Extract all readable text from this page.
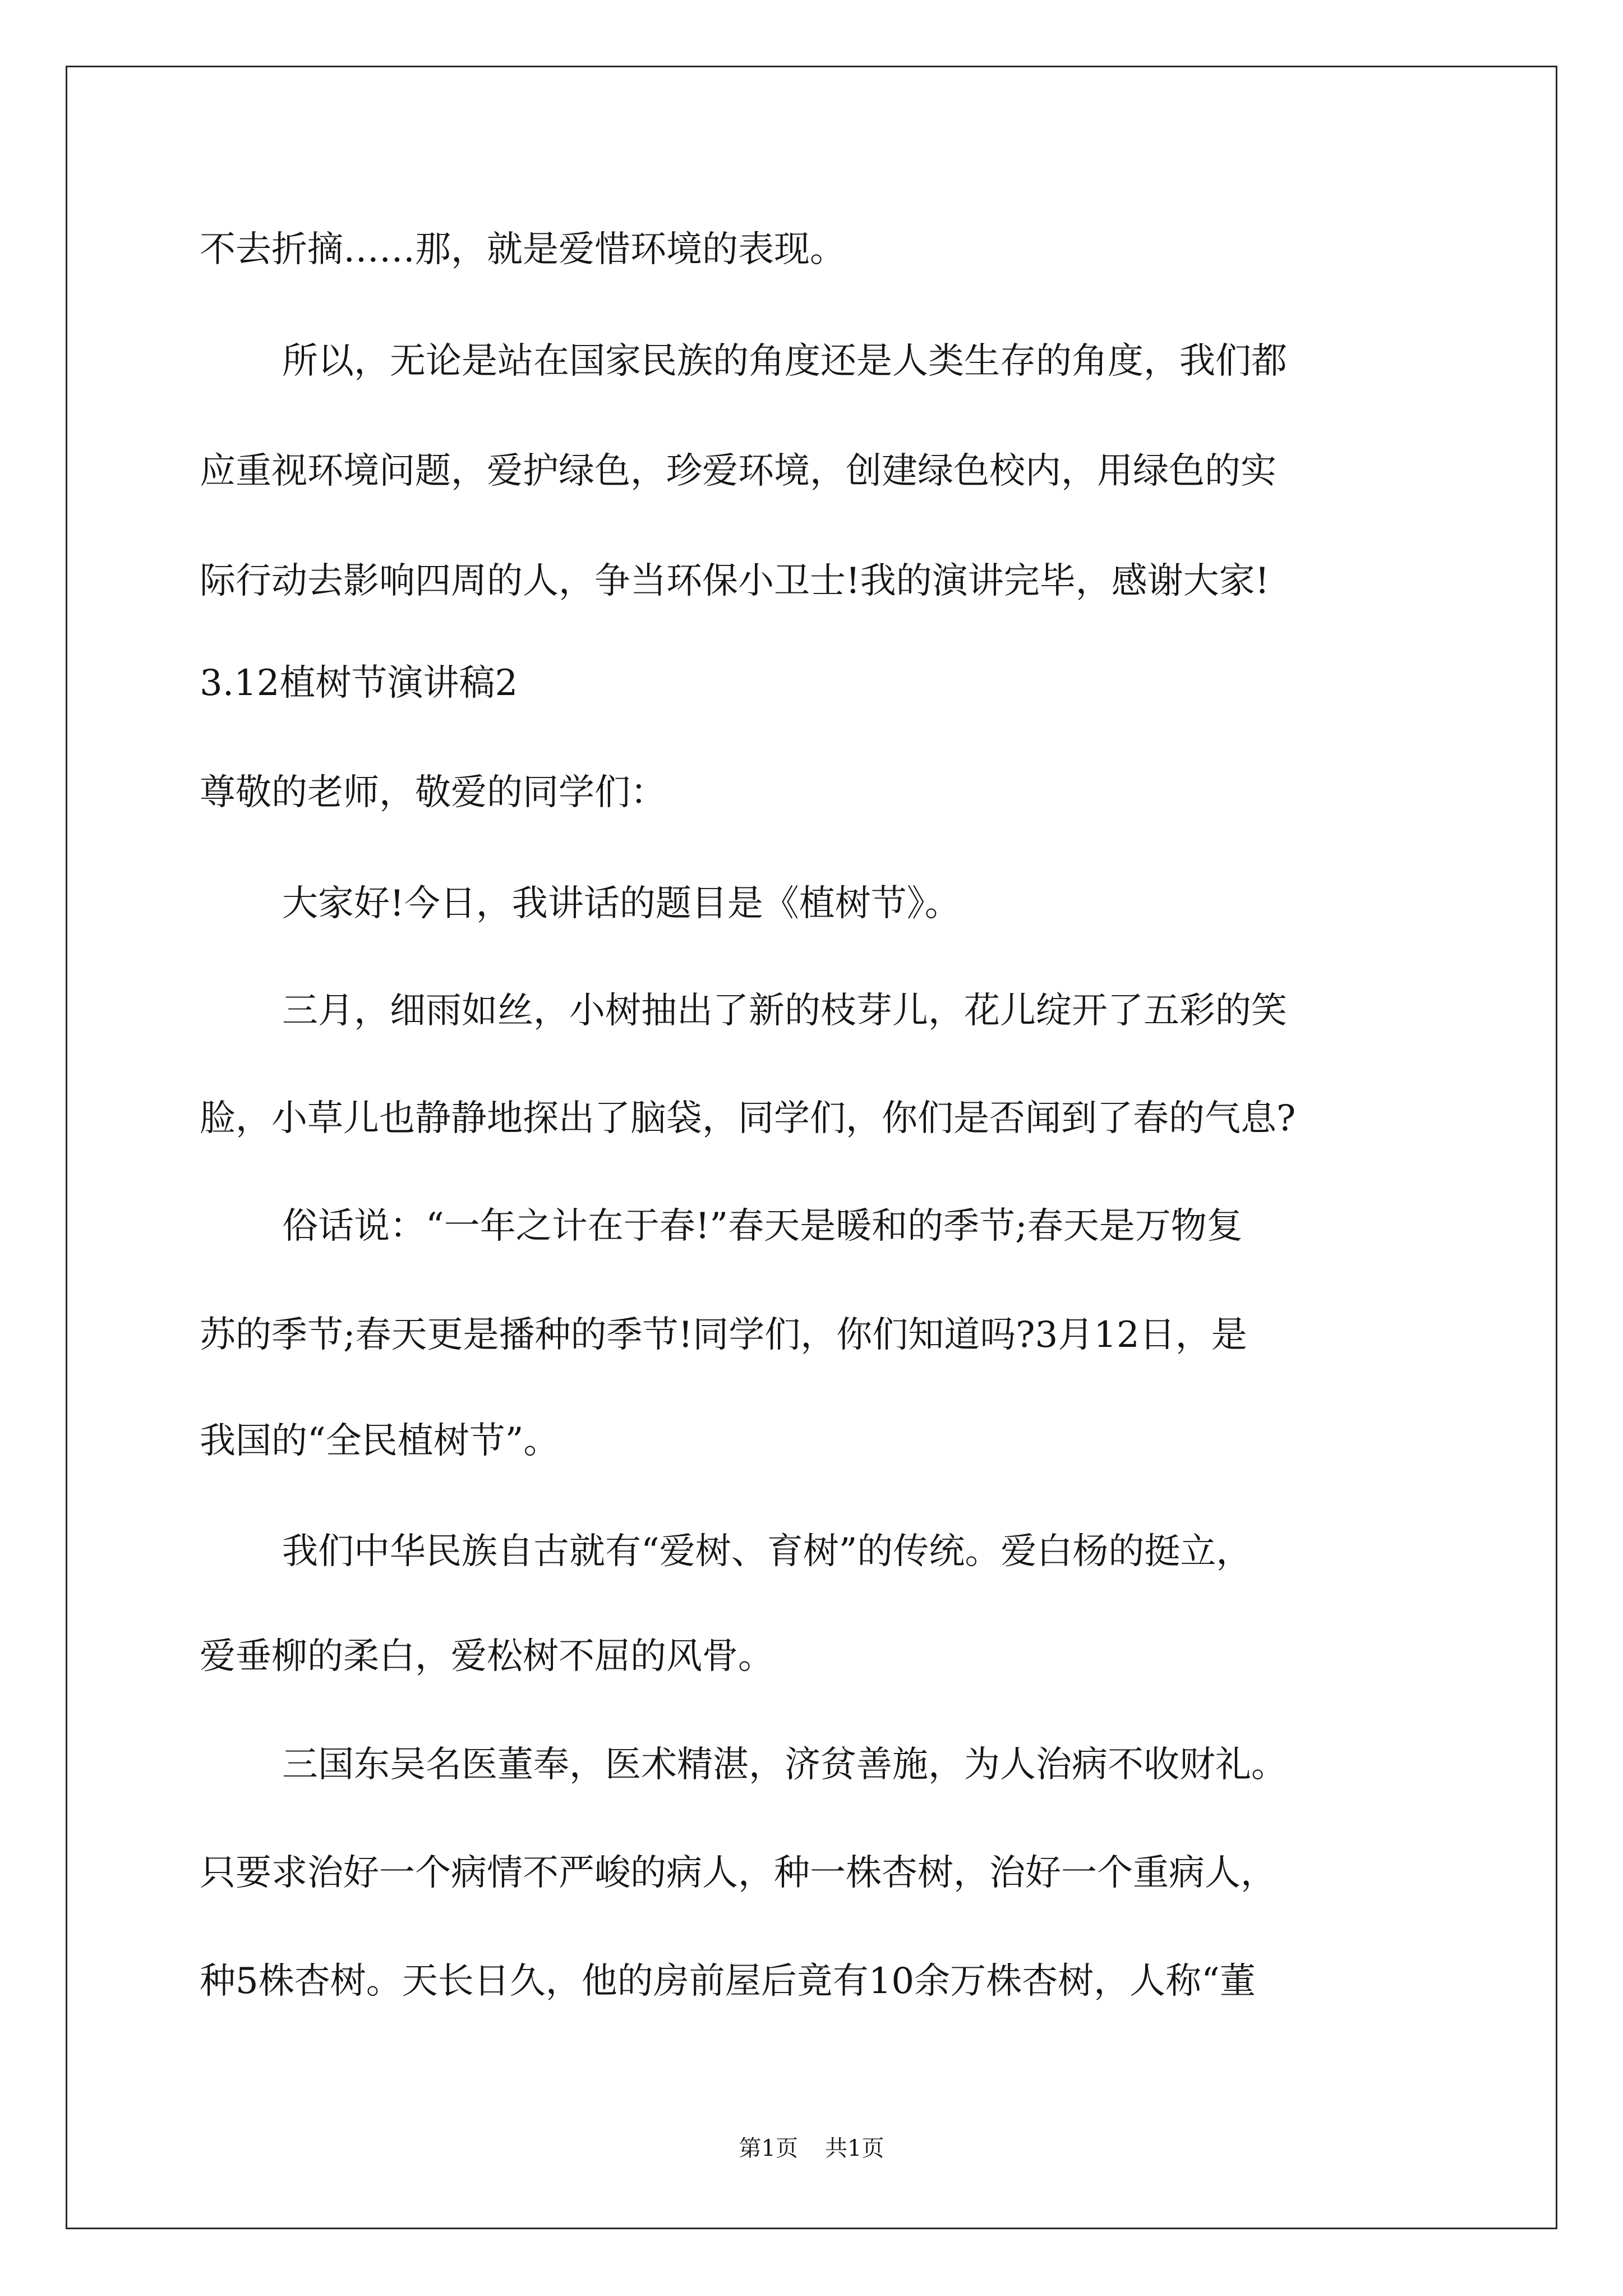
不去折摘……那，就是爱惜环境的表现。
所以，无论是站在国家民族的角度还是人类生存的角度，我们都
应重视环境问题，爱护绿色，珍爱环境，创建绿色校内，用绿色的实
际行动去影响四周的人，争当环保小卫士!我的演讲完毕，感谢大家!
3.12植树节演讲稿2
尊敬的老师，敬爱的同学们：
大家好!今日，我讲话的题目是《植树节》。
三月，细雨如丝，小树抽出了新的枝芽儿，花儿绽开了五彩的笑
脸，小草儿也静静地探出了脑袋，同学们，你们是否闻到了春的气息?
俗话说：“一年之计在于春!”春天是暖和的季节;春天是万物复
苏的季节;春天更是播种的季节!同学们，你们知道吗?3月12日，是
我国的“全民植树节”。
我们中华民族自古就有“爱树、育树”的传统。爱白杨的挺立，
爱垂柳的柔白，爱松树不屈的风骨。
三国东吴名医董奉，医术精湛，济贫善施，为人治病不收财礼。
只要求治好一个病情不严峻的病人，种一株杏树，治好一个重病人，
种5株杏树。天长日久，他的房前屋后竟有10余万株杏树，人称“董
第1页 共1页
